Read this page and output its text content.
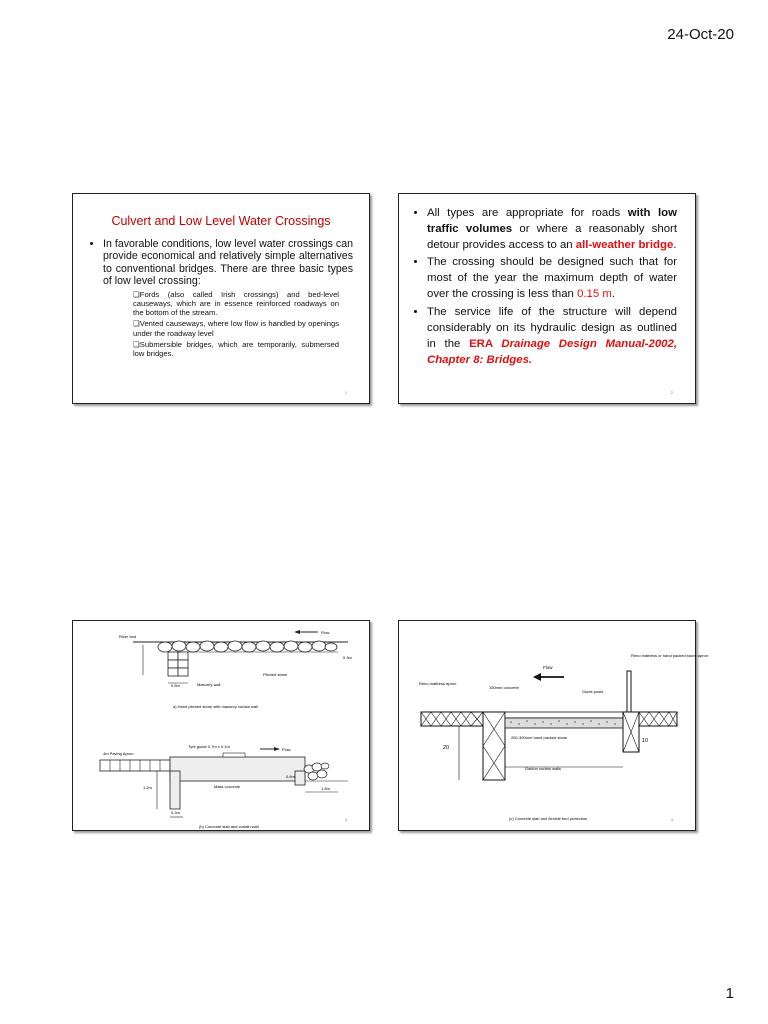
24-Oct-20
Culvert and Low Level Water Crossings
• In favorable conditions, low level water crossings can provide economical and relatively simple alternatives to conventional bridges. There are three basic types of low level crossing:
❏Fords (also called Irish crossings) and bed-level causeways, which are in essence reinforced roadways on the bottom of the stream.
❏Vented causeways, where low flow is handled by openings under the roadway level
❏Submersible bridges, which are temporarily, submersed low bridges.
1
• All types are appropriate for roads with low traffic volumes or where a reasonably short detour provides access to an all-weather bridge.
• The crossing should be designed such that for most of the year the maximum depth of water over the crossing is less than 0.15 m.
• The service life of the structure will depend considerably on its hydraulic design as outlined in the ERA Drainage Design Manual-2002, Chapter 8: Bridges.
2
Flow
River bed
0.3m
0.5m	Masonry wall
Pitched stone
a) Hand pitched stone with masonry curtain wall
4m Paving Apron
Tyre guide 0.7m x 0.1m
Flow
Mass concrete
0.6m
1.5m
1.2m
0.2m
(b) Concrete slab and curtain wall
3
Flow
Reno mattress apron
150mm concrete
Guide posts
Reno mattress or hand packed stone apron
20
10
250-300mm hand packed stone
Gabion curtain walls
(c) Concrete slab and flexible bed protection	4
1
